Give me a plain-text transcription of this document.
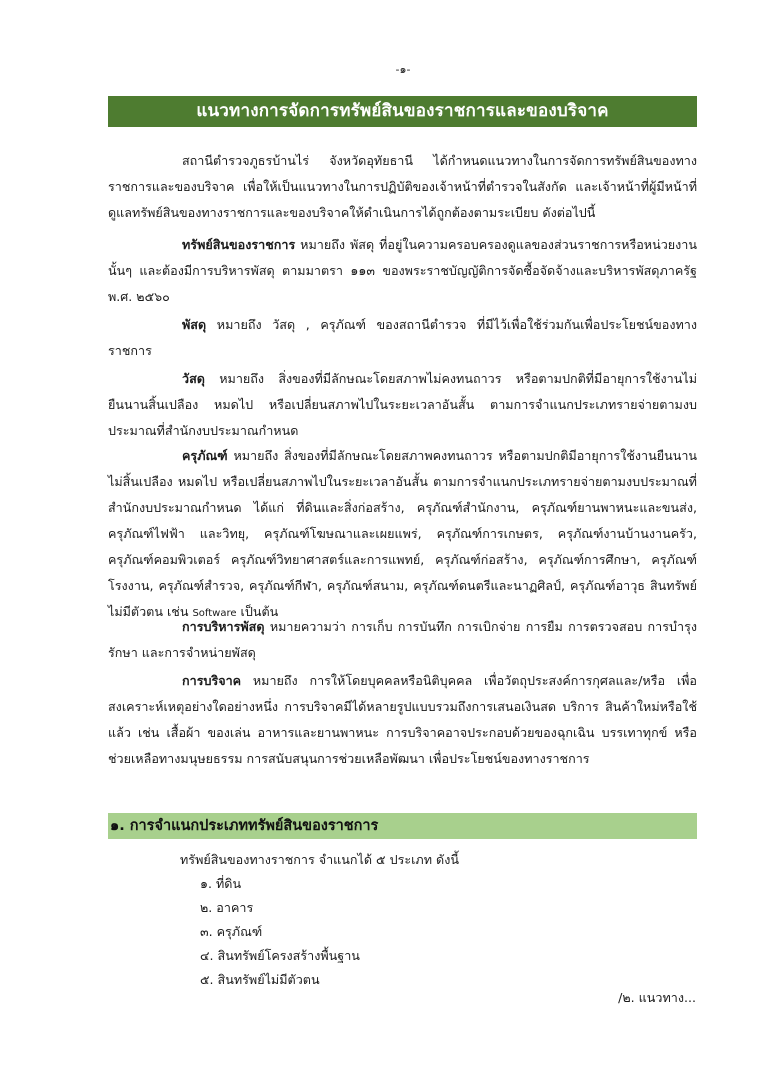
-๑-
แนวทางการจัดการทรัพย์สินของราชการและของบริจาค

สถานีตำรวจภูธรบ้านไร่ จังหวัดอุทัยธานี ได้กำหนดแนวทางในการจัดการทรัพย์สินของทางราชการและของบริจาค เพื่อให้เป็นแนวทางในการปฏิบัติของเจ้าหน้าที่ตำรวจในสังกัด และเจ้าหน้าที่ผู้มีหน้าที่ดูแลทรัพย์สินของทางราชการและของบริจาคให้ดำเนินการได้ถูกต้องตามระเบียบ ดังต่อไปนี้

ทรัพย์สินของราชการ หมายถึง พัสดุ ที่อยู่ในความครอบครองดูแลของส่วนราชการหรือหน่วยงานนั้นๆ และต้องมีการบริหารพัสดุ ตามมาตรา ๑๑๓ ของพระราชบัญญัติการจัดซื้อจัดจ้างและบริหารพัสดุภาครัฐ พ.ศ. ๒๕๖๐

พัสดุ หมายถึง วัสดุ , ครุภัณฑ์ ของสถานีตำรวจ ที่มีไว้เพื่อใช้ร่วมกันเพื่อประโยชน์ของทางราชการ

วัสดุ หมายถึง สิ่งของที่มีลักษณะโดยสภาพไม่คงทนถาวร หรือตามปกติที่มีอายุการใช้งานไม่ยืนนานสิ้นเปลือง หมดไป หรือเปลี่ยนสภาพไปในระยะเวลาอันสั้น ตามการจำแนกประเภทรายจ่ายตามงบประมาณที่สำนักงบประมาณกำหนด

ครุภัณฑ์ หมายถึง สิ่งของที่มีลักษณะโดยสภาพคงทนถาวร หรือตามปกติมีอายุการใช้งานยืนนานไม่สิ้นเปลือง หมดไป หรือเปลี่ยนสภาพไปในระยะเวลาอันสั้น ตามการจำแนกประเภทรายจ่ายตามงบประมาณที่สำนักงบประมาณกำหนด ได้แก่ ที่ดินและสิ่งก่อสร้าง, ครุภัณฑ์สำนักงาน, ครุภัณฑ์ยานพาหนะและขนส่ง, ครุภัณฑ์ไฟฟ้า และวิทยุ, ครุภัณฑ์โฆษณาและเผยแพร่, ครุภัณฑ์การเกษตร, ครุภัณฑ์งานบ้านงานครัว, ครุภัณฑ์คอมพิวเตอร์ ครุภัณฑ์วิทยาศาสตร์และการแพทย์, ครุภัณฑ์ก่อสร้าง, ครุภัณฑ์การศึกษา, ครุภัณฑ์โรงงาน, ครุภัณฑ์สำรวจ, ครุภัณฑ์กีฬา, ครุภัณฑ์สนาม, ครุภัณฑ์ดนตรีและนาฏศิลป์, ครุภัณฑ์อาวุธ สินทรัพย์ไม่มีตัวตน เช่น Software เป็นต้น

การบริหารพัสดุ หมายความว่า การเก็บ การบันทึก การเบิกจ่าย การยืม การตรวจสอบ การบำรุงรักษา และการจำหน่ายพัสดุ

การบริจาค หมายถึง การให้โดยบุคคลหรือนิติบุคคล เพื่อวัตถุประสงค์การกุศลและ/หรือ เพื่อสงเคราะห์เหตุอย่างใดอย่างหนึ่ง การบริจาคมีได้หลายรูปแบบรวมถึงการเสนอเงินสด บริการ สินค้าใหม่หรือใช้แล้ว เช่น เสื้อผ้า ของเล่น อาหารและยานพาหนะ การบริจาคอาจประกอบด้วยของฉุกเฉิน บรรเทาทุกข์ หรือช่วยเหลือทางมนุษยธรรม การสนับสนุนการช่วยเหลือพัฒนา เพื่อประโยชน์ของทางราชการ

๑. การจำแนกประเภททรัพย์สินของราชการ
ทรัพย์สินของทางราชการ จำแนกได้ ๕ ประเภท ดังนี้
๑. ที่ดิน
๒. อาคาร
๓. ครุภัณฑ์
๔. สินทรัพย์โครงสร้างพื้นฐาน
๕. สินทรัพย์ไม่มีตัวตน
/๒. แนวทาง...
